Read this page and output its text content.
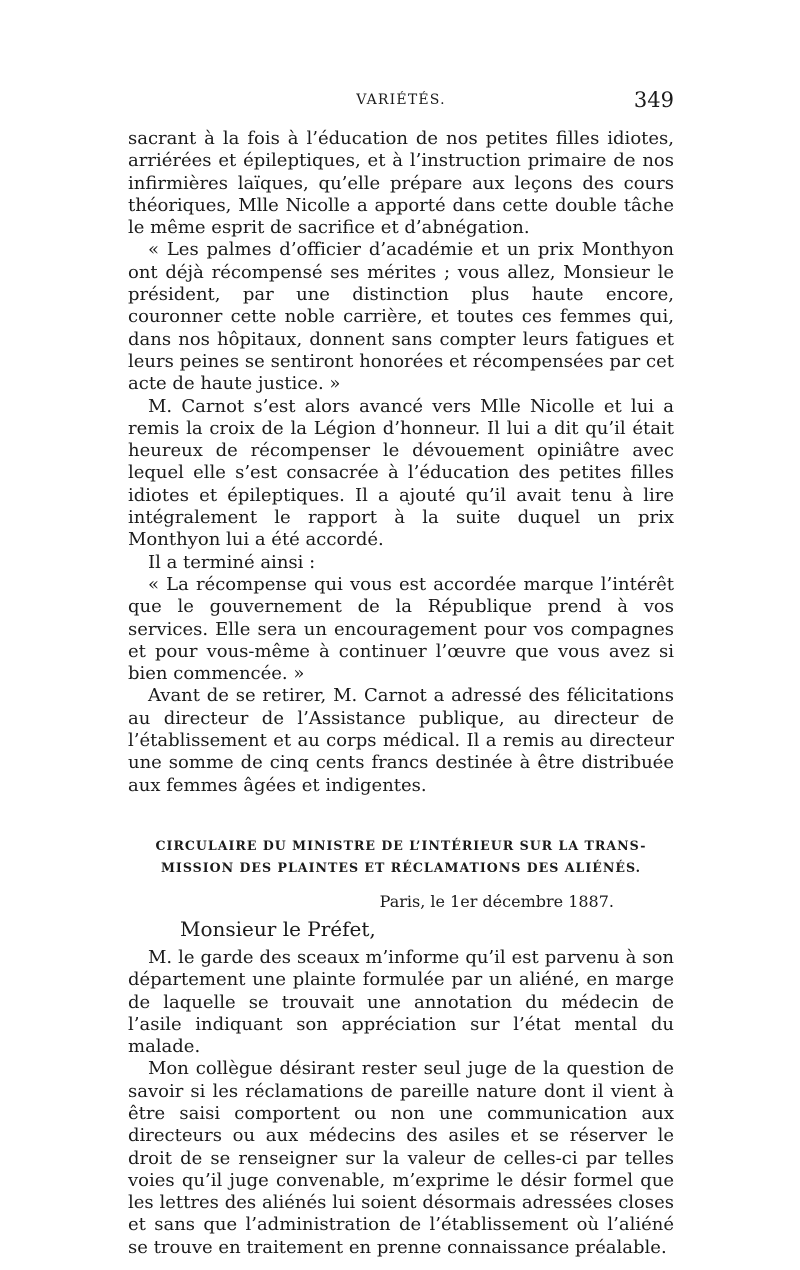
VARIÉTÉS.	349

sacrant à la fois à l’éducation de nos petites filles idiotes, arriérées et épileptiques, et à l’instruction primaire de nos infirmières laïques, qu’elle prépare aux leçons des cours théoriques, Mlle Nicolle a apporté dans cette double tâche le même esprit de sacrifice et d’abnégation.

« Les palmes d’officier d’académie et un prix Monthyon ont déjà récompensé ses mérites ; vous allez, Monsieur le président, par une distinction plus haute encore, couronner cette noble carrière, et toutes ces femmes qui, dans nos hôpitaux, donnent sans compter leurs fatigues et leurs peines se sentiront honorées et récompensées par cet acte de haute justice. »

M. Carnot s’est alors avancé vers Mlle Nicolle et lui a remis la croix de la Légion d’honneur. Il lui a dit qu’il était heureux de récompenser le dévouement opiniâtre avec lequel elle s’est consacrée à l’éducation des petites filles idiotes et épileptiques. Il a ajouté qu’il avait tenu à lire intégralement le rapport à la suite duquel un prix Monthyon lui a été accordé.

Il a terminé ainsi :

« La récompense qui vous est accordée marque l’intérêt que le gouvernement de la République prend à vos services. Elle sera un encouragement pour vos compagnes et pour vous-même à continuer l’œuvre que vous avez si bien commencée. »

Avant de se retirer, M. Carnot a adressé des félicitations au directeur de l’Assistance publique, au directeur de l’établissement et au corps médical. Il a remis au directeur une somme de cinq cents francs destinée à être distribuée aux femmes âgées et indigentes.

CIRCULAIRE DU MINISTRE DE L’INTÉRIEUR SUR LA TRANS-
MISSION DES PLAINTES ET RÉCLAMATIONS DES ALIÉNÉS.
Paris, le 1er décembre 1887.
Monsieur le Préfet,

M. le garde des sceaux m’informe qu’il est parvenu à son département une plainte formulée par un aliéné, en marge de laquelle se trouvait une annotation du médecin de l’asile indiquant son appréciation sur l’état mental du malade.

Mon collègue désirant rester seul juge de la question de savoir si les réclamations de pareille nature dont il vient à être saisi comportent ou non une communication aux directeurs ou aux médecins des asiles et se réserver le droit de se renseigner sur la valeur de celles-ci par telles voies qu’il juge convenable, m’exprime le désir formel que les lettres des aliénés lui soient désormais adressées closes et sans que l’administration de l’établissement où l’aliéné se trouve en traitement en prenne connaissance préalable.
